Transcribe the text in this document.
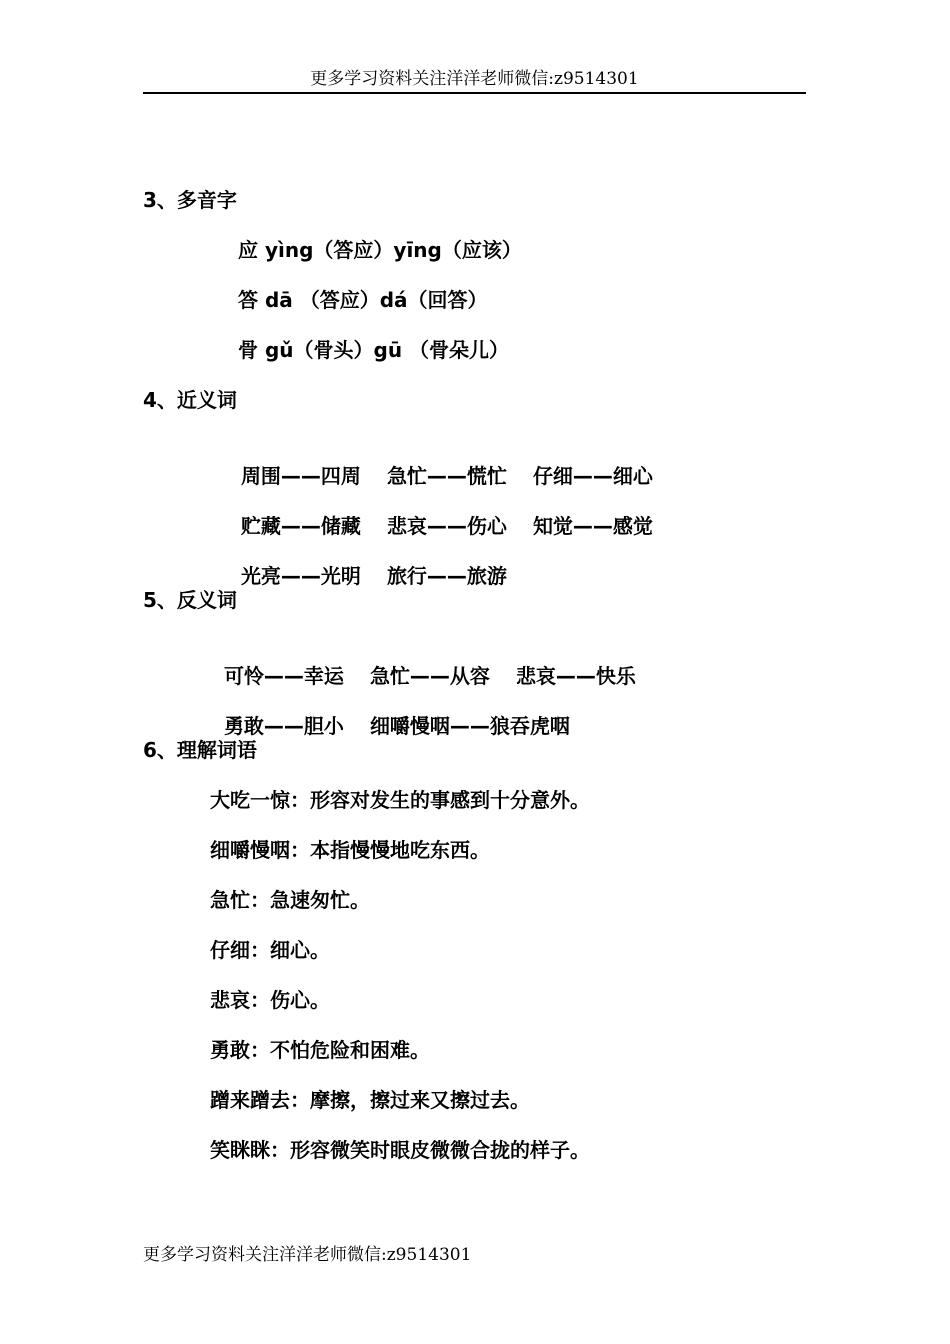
更多学习资料关注洋洋老师微信:z9514301
3、多音字
应 yìng（答应）yīng（应该）
答 dā （答应）dá（回答）
骨 gǔ（骨头）gū （骨朵儿）
4、近义词

周围——四周 急忙——慌忙 仔细——细心

贮藏——储藏 悲哀——伤心 知觉——感觉

光亮——光明 旅行——旅游

5、反义词

可怜——幸运 急忙——从容 悲哀——快乐

勇敢——胆小 细嚼慢咽——狼吞虎咽

6、理解词语
大吃一惊：形容对发生的事感到十分意外。
细嚼慢咽：本指慢慢地吃东西。
急忙：急速匆忙。
仔细：细心。
悲哀：伤心。
勇敢：不怕危险和困难。
蹭来蹭去：摩擦，擦过来又擦过去。
笑眯眯：形容微笑时眼皮微微合拢的样子。
更多学习资料关注洋洋老师微信:z9514301
